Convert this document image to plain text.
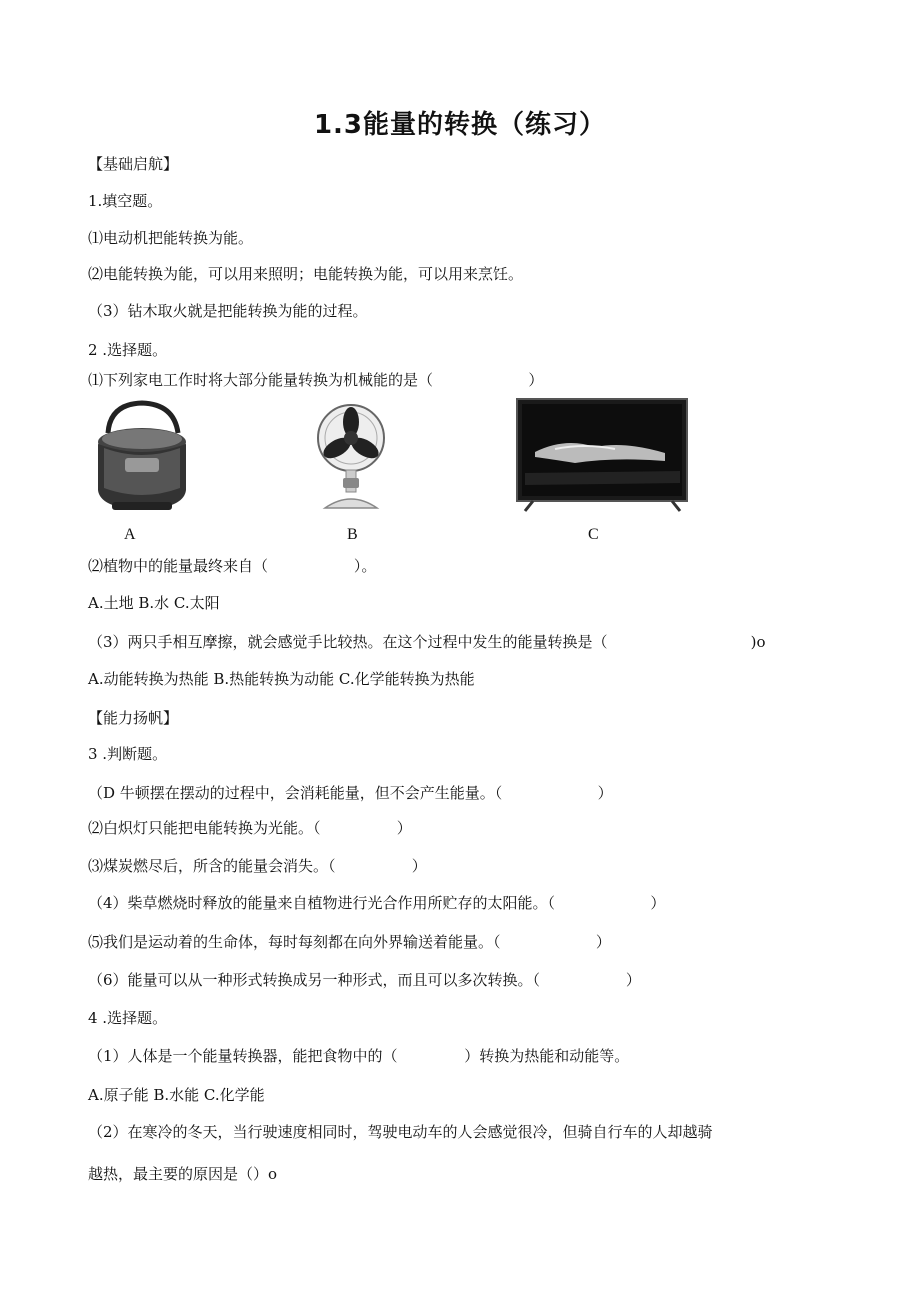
1.3能量的转换（练习）
【基础启航】
1.填空题。
⑴电动机把能转换为能。
⑵电能转换为能，可以用来照明；电能转换为能，可以用来烹饪。
（3）钻木取火就是把能转换为能的过程。
2 .选择题。
⑴下列家电工作时将大部分能量转换为机械能的是（                    ）
A	B	C
⑵植物中的能量最终来自（                  ）。
A.土地 B.水 C.太阳
（3）两只手相互摩擦，就会感觉手比较热。在这个过程中发生的能量转换是（                              )o
A.动能转换为热能 B.热能转换为动能 C.化学能转换为热能
【能力扬帆】
3 .判断题。
（D 牛顿摆在摆动的过程中，会消耗能量，但不会产生能量。（                    ）
⑵白炽灯只能把电能转换为光能。（                ）
⑶煤炭燃尽后，所含的能量会消失。（                ）
（4）柴草燃烧时释放的能量来自植物进行光合作用所贮存的太阳能。（                    ）
⑸我们是运动着的生命体，每时每刻都在向外界输送着能量。（                    ）
（6）能量可以从一种形式转换成另一种形式，而且可以多次转换。（                  ）
4 .选择题。
（1）人体是一个能量转换器，能把食物中的（              ）转换为热能和动能等。
A.原子能 B.水能 C.化学能
（2）在寒冷的冬天，当行驶速度相同时，驾驶电动车的人会感觉很冷，但骑自行车的人却越骑
越热，最主要的原因是（）o
